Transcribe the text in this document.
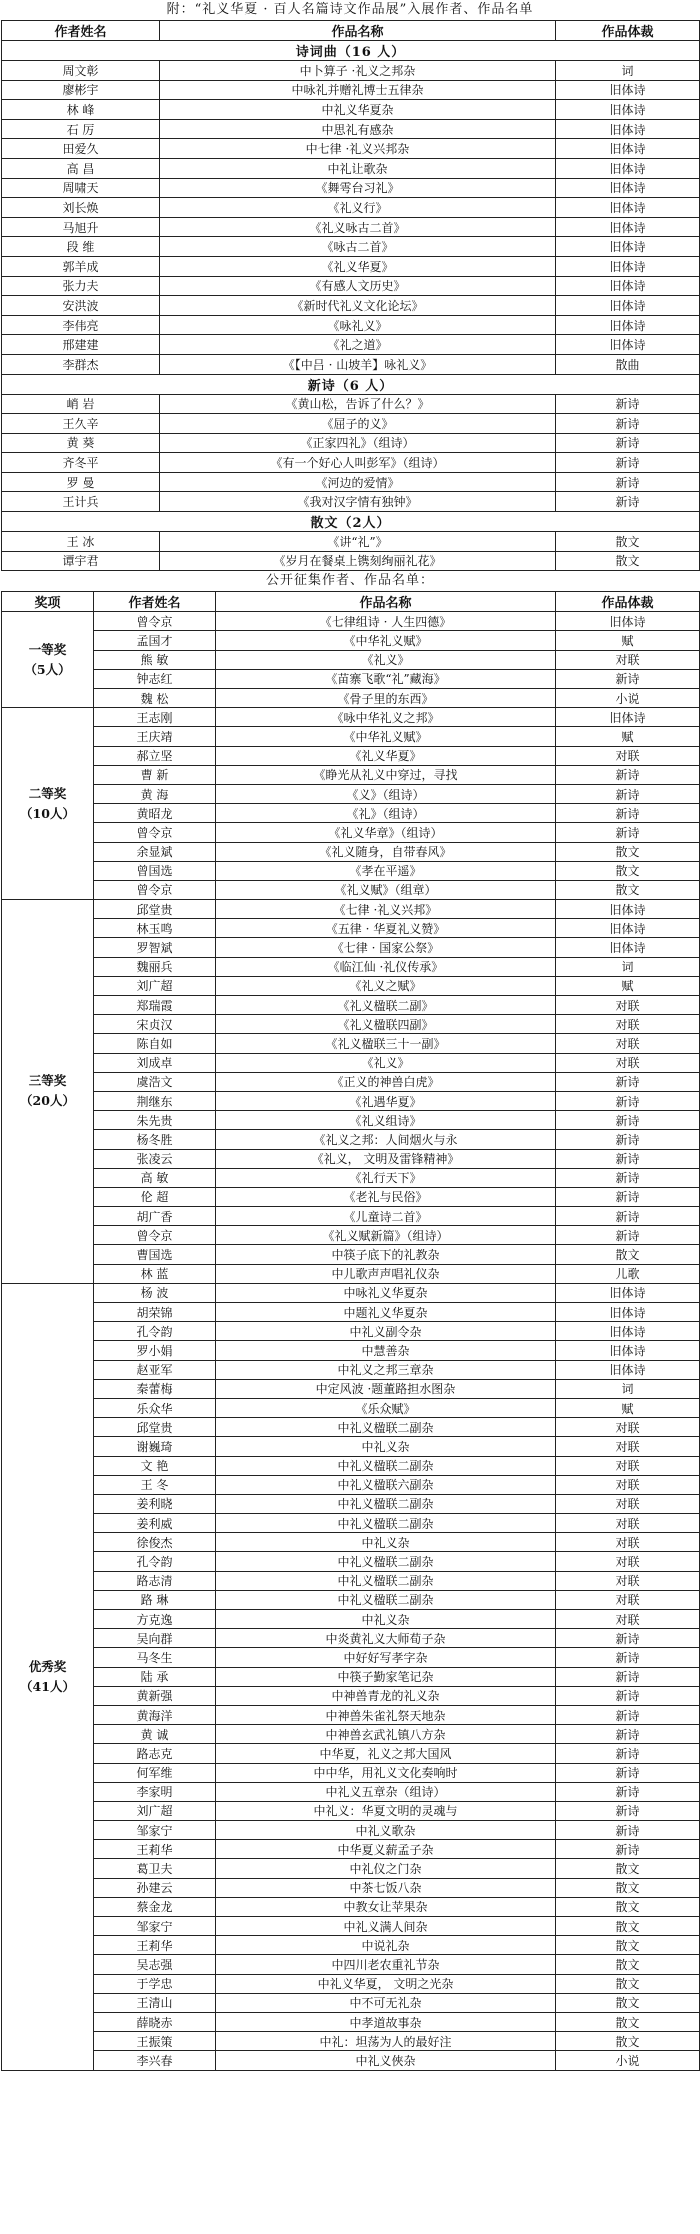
附：“礼义华夏 · 百人名篇诗文作品展”入展作者、作品名单
作者姓名	作品名称	作品体裁
诗词曲（16 人）		
周文彰	中卜算子 ·礼义之邦杂	词
廖彬宇	中咏礼并赠礼博士五律杂	旧体诗
林 峰	中礼义华夏杂	旧体诗
石 厉	中思礼有感杂	旧体诗
田爱久	中七律 ·礼义兴邦杂	旧体诗
高 昌	中礼让歌杂	旧体诗
周啸天	《舞雩台习礼》	旧体诗
刘长焕	《礼义行》	旧体诗
马旭升	《礼义咏古二首》	旧体诗
段 维	《咏古二首》	旧体诗
郭羊成	《礼义华夏》	旧体诗
张力夫	《有感人文历史》	旧体诗
安洪波	《新时代礼义文化论坛》	旧体诗
李伟亮	《咏礼义》	旧体诗
邢建建	《礼之道》	旧体诗
李群杰	《【中吕 · 山坡羊】咏礼义》	散曲
新诗（6 人）		
峭 岩	《黄山松，告诉了什么？》	新诗
王久辛	《屈子的义》	新诗
黄 葵	《正家四礼》（组诗）	新诗
齐冬平	《有一个好心人叫彭军》（组诗）	新诗
罗 曼	《河边的爱情》	新诗
王计兵	《我对汉字情有独钟》	新诗
散文（2人）		
王 冰	《讲“礼”》	散文
谭宇君	《岁月在餐桌上镌刻绚丽礼花》	散文
公开征集作者、作品名单：
奖项	作者姓名	作品名称	作品体裁

一等奖
（5人）	曾令京	《七律组诗 · 人生四德》	旧体诗
	孟国才	《中华礼义赋》	赋
	熊 敏	《礼义》	对联
	钟志红	《苗寨飞歌“礼”藏海》	新诗
	魏 松	《骨子里的东西》	小说

二等奖
（10人）	王志刚	《咏中华礼义之邦》	旧体诗
	王庆靖	《中华礼义赋》	赋
	郝立坚	《礼义华夏》	对联
	曹 新	《睁光从礼义中穿过，寻找	新诗
	黄 海	《义》（组诗）	新诗
	黄昭龙	《礼》（组诗）	新诗
	曾令京	《礼义华章》（组诗）	新诗
	余显斌	《礼义随身，自带春风》	散文
	曾国选	《孝在平遥》	散文
	曾令京	《礼义赋》（组章）	散文

三等奖
（20人）	邱堂贵	《七律 ·礼义兴邦》	旧体诗
	林玉鸣	《五律 · 华夏礼义赞》	旧体诗
	罗智斌	《七律 · 国家公祭》	旧体诗
	魏丽兵	《临江仙 ·礼仪传承》	词
	刘广超	《礼义之赋》	赋
	郑瑞霞	《礼义楹联二副》	对联
	宋贞汉	《礼义楹联四副》	对联
	陈自如	《礼义楹联三十一副》	对联
	刘成卓	《礼义》	对联
	虞浩文	《正义的神兽白虎》	新诗
	荆继东	《礼遇华夏》	新诗
	朱先贵	《礼义组诗》	新诗
	杨冬胜	《礼义之邦：人间烟火与永	新诗
	张凌云	《礼义， 文明及雷锋精神》	新诗
	高 敏	《礼行天下》	新诗
	伦 超	《老礼与民俗》	新诗
	胡广香	《儿童诗二首》	新诗
	曾令京	《礼义赋新篇》（组诗）	新诗
	曹国选	中筷子底下的礼教杂	散文
	林 蓝	中儿歌声声唱礼仪杂	儿歌

优秀奖
（41人）	杨 波	中咏礼义华夏杂	旧体诗
	胡荣锦	中题礼义华夏杂	旧体诗
	孔令韵	中礼义副令杂	旧体诗
	罗小娟	中慧善杂	旧体诗
	赵亚军	中礼义之邦三章杂	旧体诗
	秦蕾梅	中定风波 ·题董路担水图杂	词
	乐众华	《乐众赋》	赋
	邱堂贵	中礼义楹联二副杂	对联
	谢巍琦	中礼义杂	对联
	文 艳	中礼义楹联二副杂	对联
	王 冬	中礼义楹联六副杂	对联
	姜利晓	中礼义楹联二副杂	对联
	姜利威	中礼义楹联二副杂	对联
	徐俊杰	中礼义杂	对联
	孔令韵	中礼义楹联二副杂	对联
	路志清	中礼义楹联二副杂	对联
	路 琳	中礼义楹联二副杂	对联
	方克逸	中礼义杂	对联
	吴向群	中炎黄礼义大师荀子杂	新诗
	马冬生	中好好写孝字杂	新诗
	陆 承	中筷子勤家笔记杂	新诗
	黄新强	中神兽青龙的礼义杂	新诗
	黄海洋	中神兽朱雀礼祭天地杂	新诗
	黄 诚	中神兽玄武礼镇八方杂	新诗
	路志克	中华夏，礼义之邦大国风	新诗
	何军维	中中华，用礼义文化奏响时	新诗
	李家明	中礼义五章杂（组诗）	新诗
	刘广超	中礼义：华夏文明的灵魂与	新诗
	邹家宁	中礼义歌杂	新诗
	王莉华	中华夏义薪孟子杂	新诗
	葛卫夫	中礼仪之门杂	散文
	孙建云	中茶七饭八杂	散文
	蔡金龙	中教女让苹果杂	散文
	邹家宁	中礼义满人间杂	散文
	王莉华	中说礼杂	散文
	吴志强	中四川老农重礼节杂	散文
	于学忠	中礼义华夏， 文明之光杂	散文
	王清山	中不可无礼杂	散文
	薛晓赤	中孝道故事杂	散文
	王振策	中礼：坦荡为人的最好注	散文
	李兴春	中礼义俠杂	小说
